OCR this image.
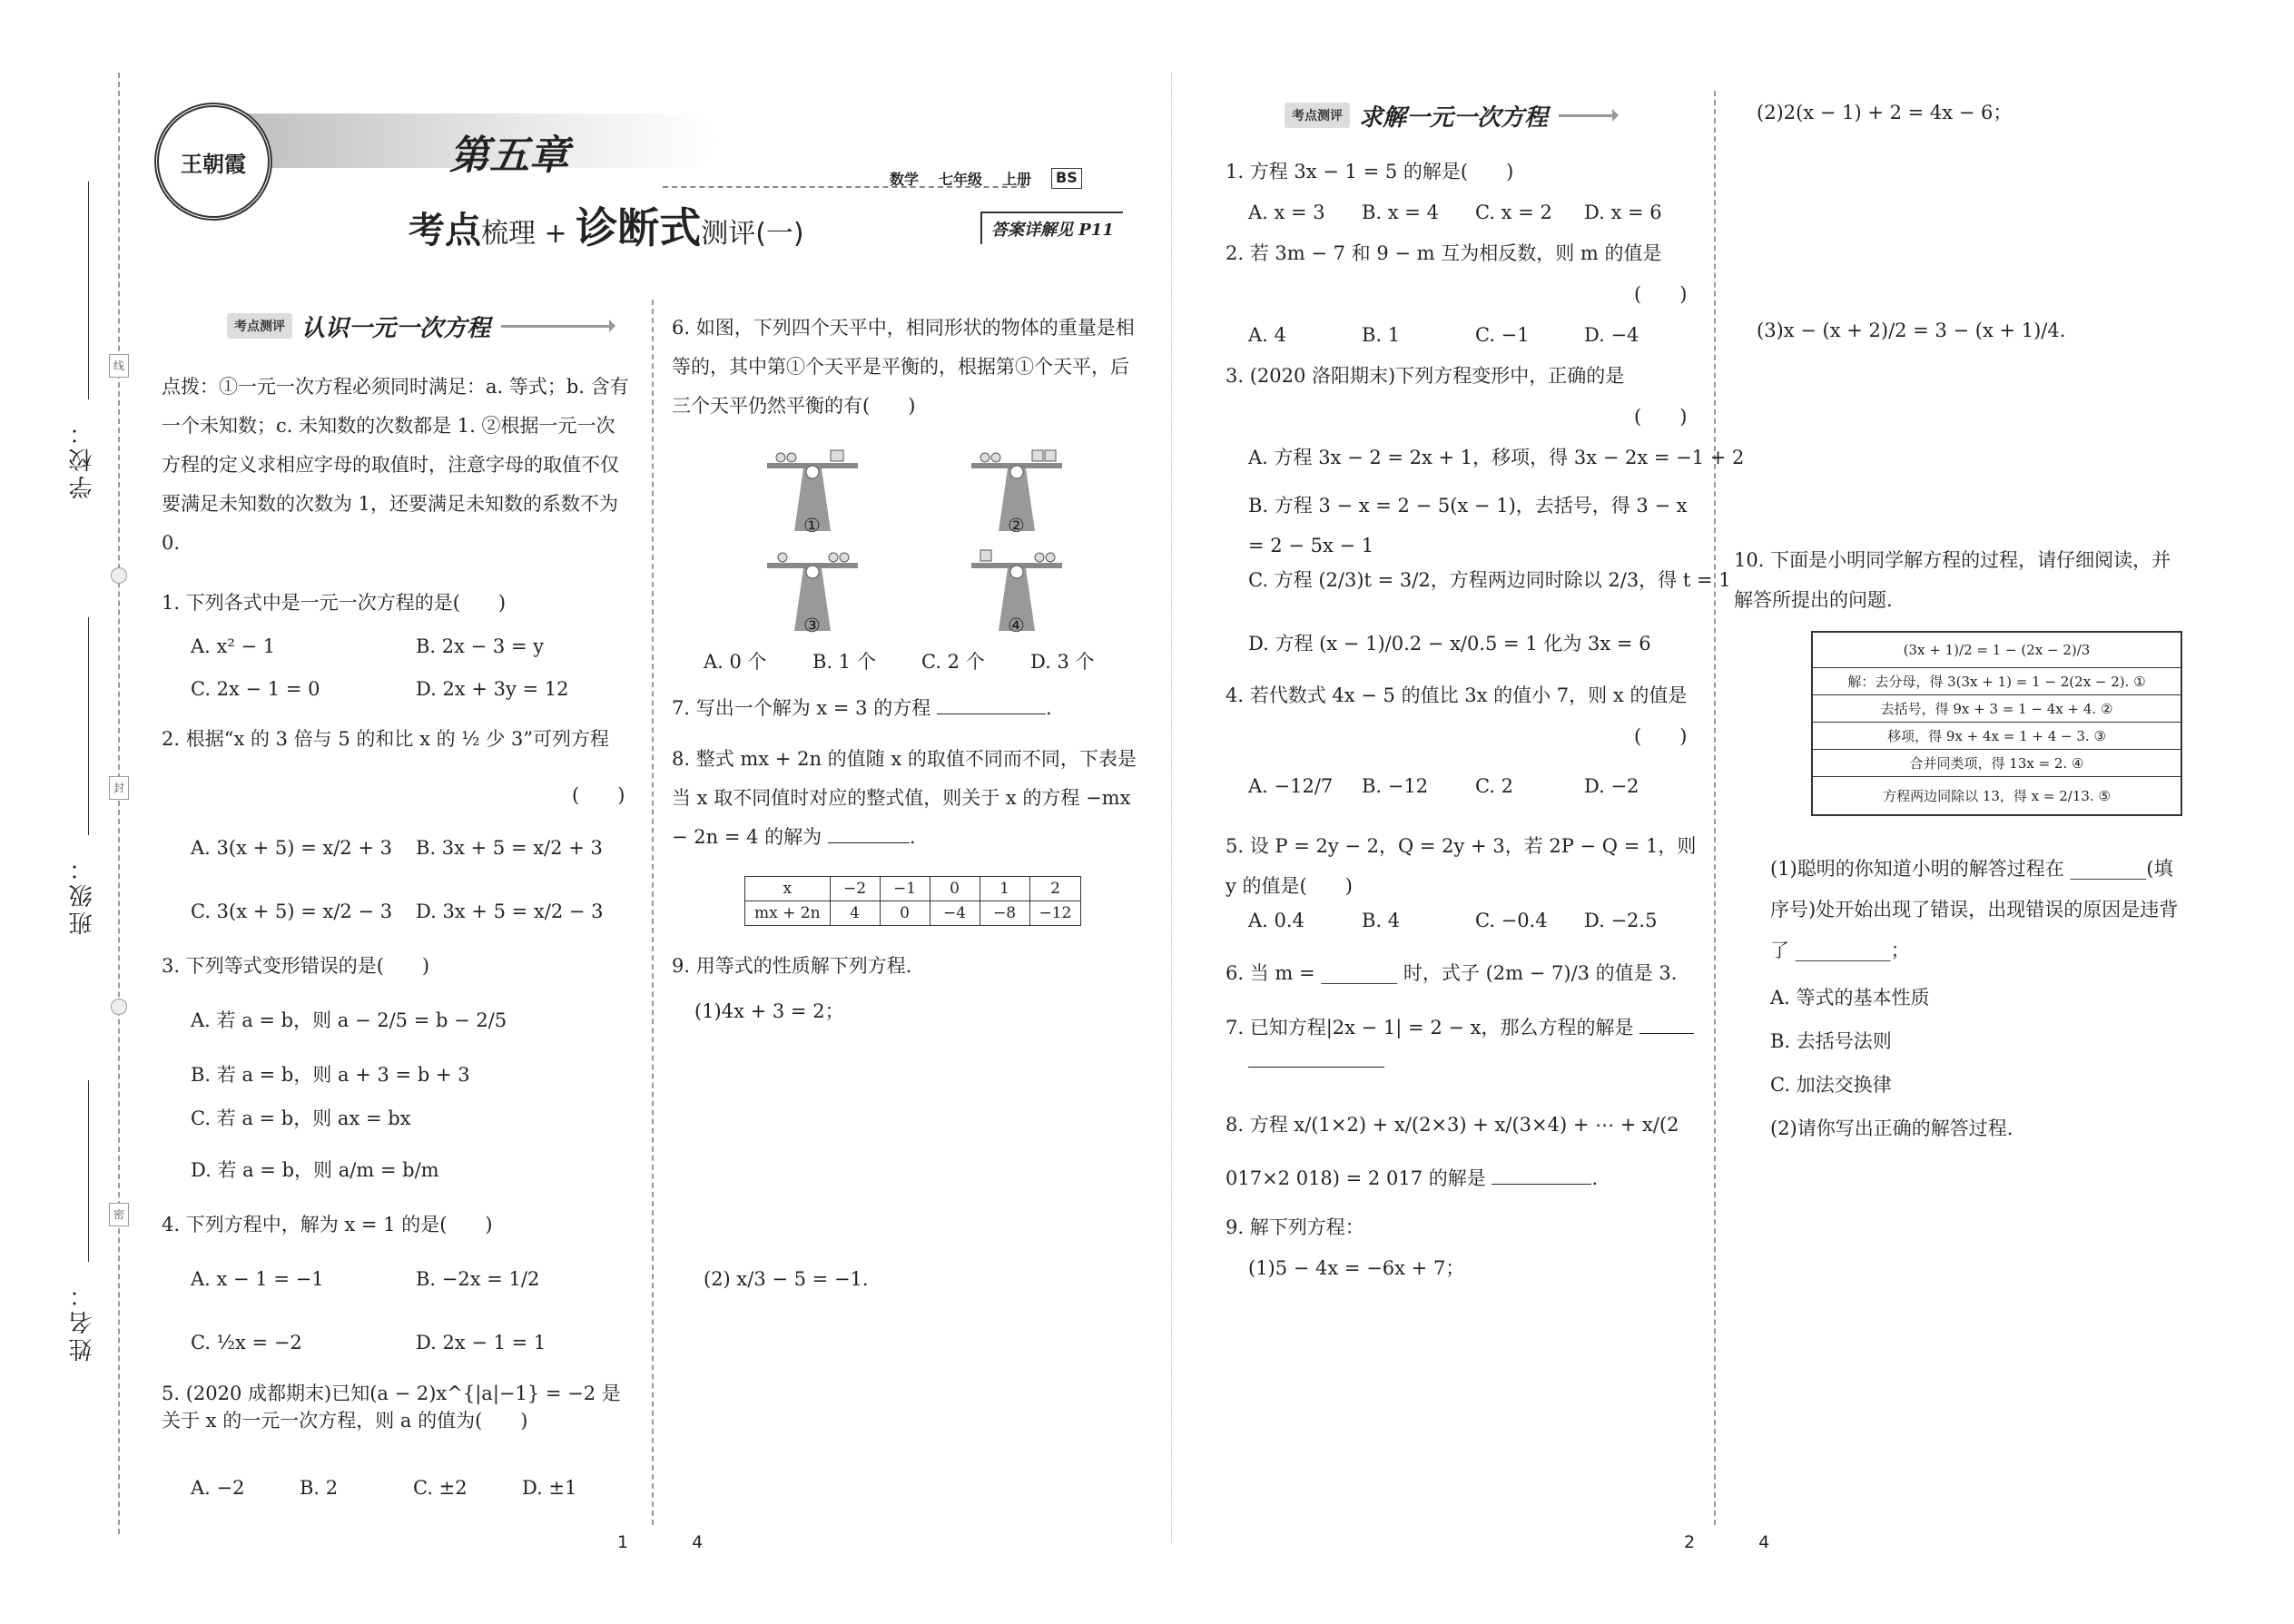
线
封
密
学校：
班级：
姓名：
王朝霞	第五章
考点梳理 + 诊断式测评(一)
数学 七年级 上册	BS
答案详解见 P11
考点测评 认识一元一次方程
点拨：①一元一次方程必须同时满足：a. 等式；b. 含有一个未知数；c. 未知数的次数都是 1. ②根据一元一次方程的定义求相应字母的取值时，注意字母的取值不仅要满足未知数的次数为 1，还要满足未知数的系数不为 0.
1. 下列各式中是一元一次方程的是(　　)
A. x² − 1	B. 2x − 3 = y
C. 2x − 1 = 0	D. 2x + 3y = 12
2. 根据“x 的 3 倍与 5 的和比 x 的 ½ 少 3”可列方程
(　　)
A. 3(x + 5) = x/2 + 3 B. 3x + 5 = x/2 + 3
C. 3(x + 5) = x/2 − 3 D. 3x + 5 = x/2 − 3
3. 下列等式变形错误的是(　　)
A. 若 a = b，则 a − 2/5 = b − 2/5
B. 若 a = b，则 a + 3 = b + 3
C. 若 a = b，则 ax = bx
D. 若 a = b，则 a/m = b/m
4. 下列方程中，解为 x = 1 的是(　　)
A. x − 1 = −1	B. −2x = 1/2
C. ½x = −2	D. 2x − 1 = 1
5. (2020 成都期末)已知(a − 2)x^{|a|−1} = −2 是关于 x 的一元一次方程，则 a 的值为(　　)
A. −2	B. 2	C. ±2	D. ±1
6. 如图，下列四个天平中，相同形状的物体的重量是相等的，其中第①个天平是平衡的，根据第①个天平，后三个天平仍然平衡的有(　　)
①	②
③	④
A. 0 个 B. 1 个 C. 2 个 D. 3 个
7. 写出一个解为 x = 3 的方程	.
8. 整式 mx + 2n 的值随 x 的取值不同而不同，下表是当 x 取不同值时对应的整式值，则关于 x 的方程 −mx − 2n = 4 的解为	.
x	−2	−1	0	1	2
mx + 2n	4	0	−4	−8	−12
9. 用等式的性质解下列方程.
(1)4x + 3 = 2；
(2) x/3 − 5 = −1.
考点测评 求解一元一次方程
1. 方程 3x − 1 = 5 的解是(　　)
A. x = 3 B. x = 4 C. x = 2 D. x = 6
2. 若 3m − 7 和 9 − m 互为相反数，则 m 的值是
(　　)
A. 4	B. 1	C. −1	D. −4
3. (2020 洛阳期末)下列方程变形中，正确的是
(　　)
A. 方程 3x − 2 = 2x + 1，移项，得 3x − 2x = −1 + 2
B. 方程 3 − x = 2 − 5(x − 1)，去括号，得 3 − x = 2 − 5x − 1
C. 方程 (2/3)t = 3/2，方程两边同时除以 2/3，得 t = 1
D. 方程 (x − 1)/0.2 − x/0.5 = 1 化为 3x = 6
4. 若代数式 4x − 5 的值比 3x 的值小 7，则 x 的值是
(　　)
A. −12/7 B. −12 C. 2	D. −2
5. 设 P = 2y − 2，Q = 2y + 3，若 2P − Q = 1，则 y 的值是(　　)
A. 0.4	B. 4	C. −0.4 D. −2.5
6. 当 m = ________ 时，式子 (2m − 7)/3 的值是 3.
7. 已知方程|2x − 1| = 2 − x，那么方程的解是
8. 方程 x/(1×2) + x/(2×3) + x/(3×4) + ⋯ + x/(2 017×2 018) = 2 017 的解是	.
9. 解下列方程：
(1)5 − 4x = −6x + 7；
(2)2(x − 1) + 2 = 4x − 6；
(3)x − (x + 2)/2 = 3 − (x + 1)/4.
10. 下面是小明同学解方程的过程，请仔细阅读，并解答所提出的问题.
(3x + 1)/2 = 1 − (2x − 2)/3
解：去分母，得 3(3x + 1) = 1 − 2(2x − 2). ①
去括号，得 9x + 3 = 1 − 4x + 4. ②
移项，得 9x + 4x = 1 + 4 − 3. ③
合并同类项，得 13x = 2. ④
方程两边同除以 13，得 x = 2/13. ⑤
(1)聪明的你知道小明的解答过程在 ________(填序号)处开始出现了错误，出现错误的原因是违背了 __________；
A. 等式的基本性质
B. 去括号法则
C. 加法交换律
(2)请你写出正确的解答过程.
1	4	2	4
